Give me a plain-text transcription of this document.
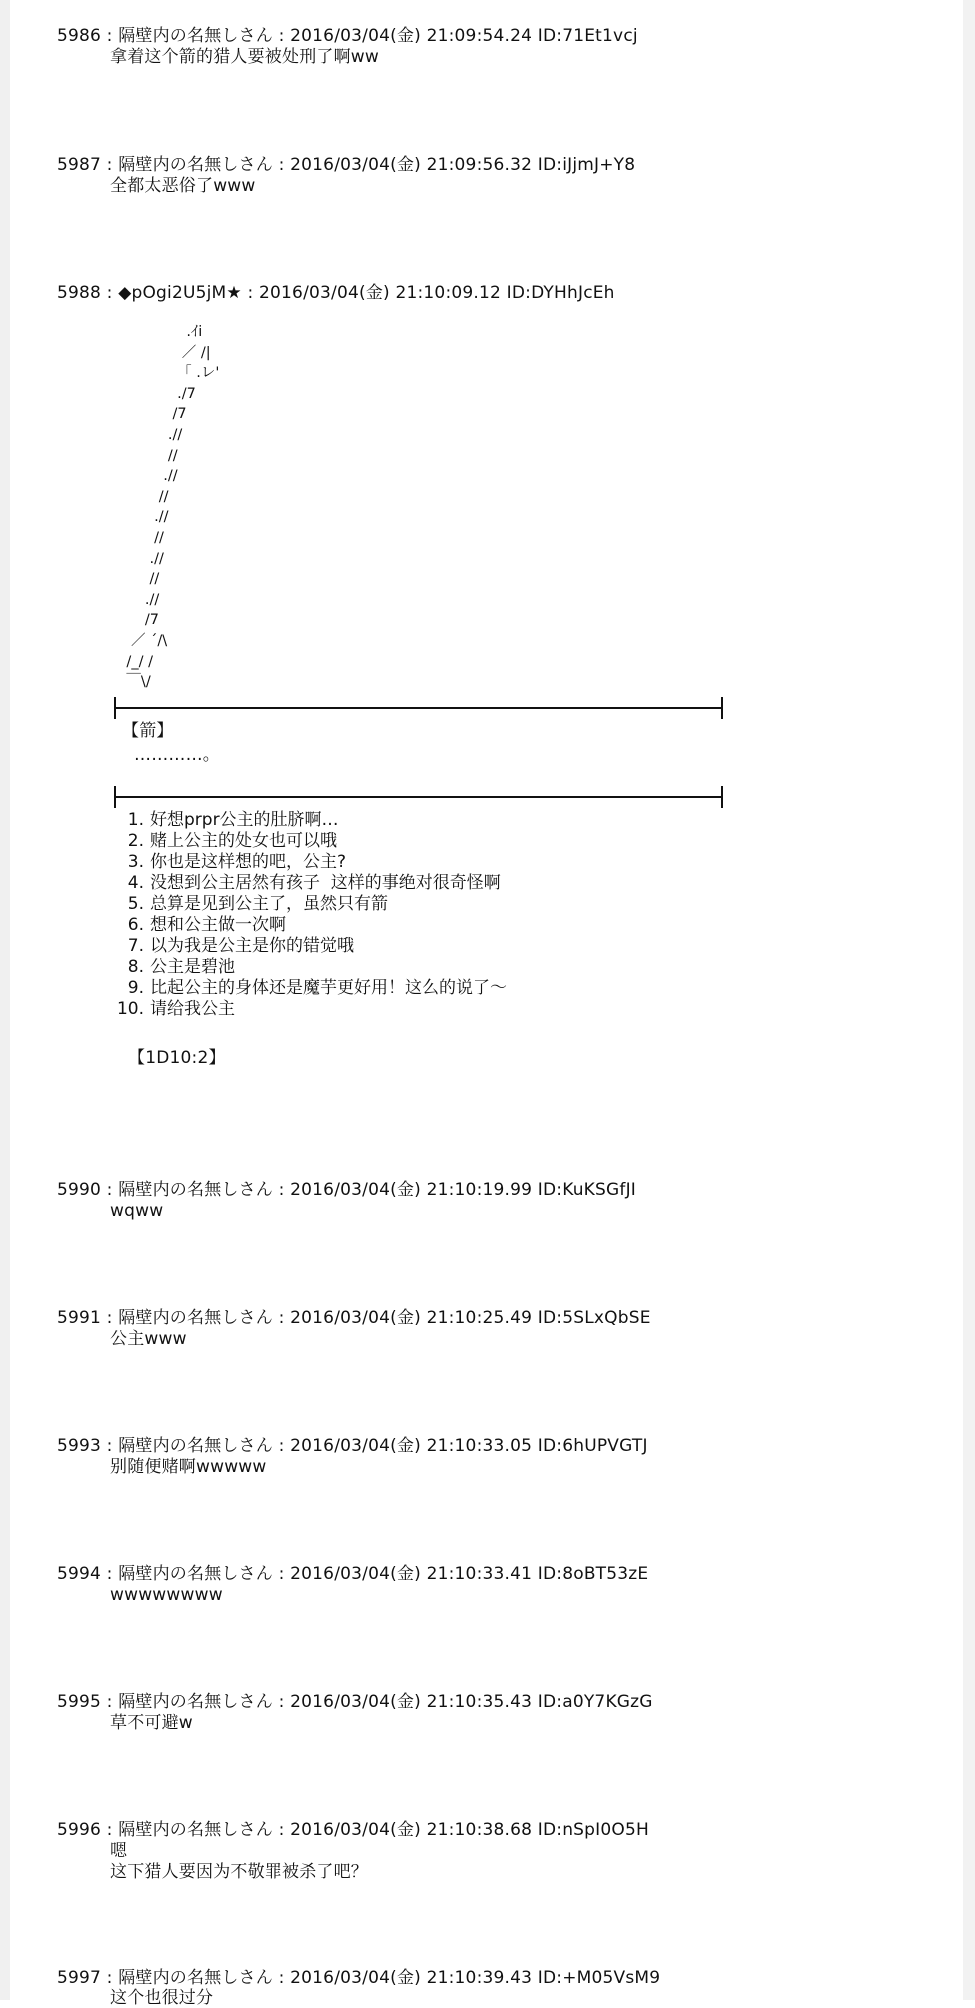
5986 : 隔壁内の名無しさん : 2016/03/04(金) 21:09:54.24 ID:71Et1vcj
拿着这个箭的猎人要被处刑了啊ww
5987 : 隔壁内の名無しさん : 2016/03/04(金) 21:09:56.32 ID:iJjmJ+Y8
全都太恶俗了www
5988 : ◆pOgi2U5jM★ : 2016/03/04(金) 21:10:09.12 ID:DYHhJcEh
.ｲi
／ /|
「 .レ'
./7
/7
.//
//
.//
//
.//
//
.//
//
.//
/7
／ ´/\
/_/ /
￣\/
【箭】
…………。
1. 好想prpr公主的肚脐啊…
2. 赌上公主的处女也可以哦
3. 你也是这样想的吧，公主?
4. 没想到公主居然有孩子  这样的事绝对很奇怪啊
5. 总算是见到公主了，虽然只有箭
6. 想和公主做一次啊
7. 以为我是公主是你的错觉哦
8. 公主是碧池
9. 比起公主的身体还是魔芋更好用！这么的说了～
10. 请给我公主
【1D10:2】
5990 : 隔壁内の名無しさん : 2016/03/04(金) 21:10:19.99 ID:KuKSGfJI
wqww
5991 : 隔壁内の名無しさん : 2016/03/04(金) 21:10:25.49 ID:5SLxQbSE
公主www
5993 : 隔壁内の名無しさん : 2016/03/04(金) 21:10:33.05 ID:6hUPVGTJ
别随便赌啊wwwww
5994 : 隔壁内の名無しさん : 2016/03/04(金) 21:10:33.41 ID:8oBT53zE
wwwwwwww
5995 : 隔壁内の名無しさん : 2016/03/04(金) 21:10:35.43 ID:a0Y7KGzG
草不可避w
5996 : 隔壁内の名無しさん : 2016/03/04(金) 21:10:38.68 ID:nSpI0O5H
嗯
这下猎人要因为不敬罪被杀了吧？
5997 : 隔壁内の名無しさん : 2016/03/04(金) 21:10:39.43 ID:+M05VsM9
这个也很过分
